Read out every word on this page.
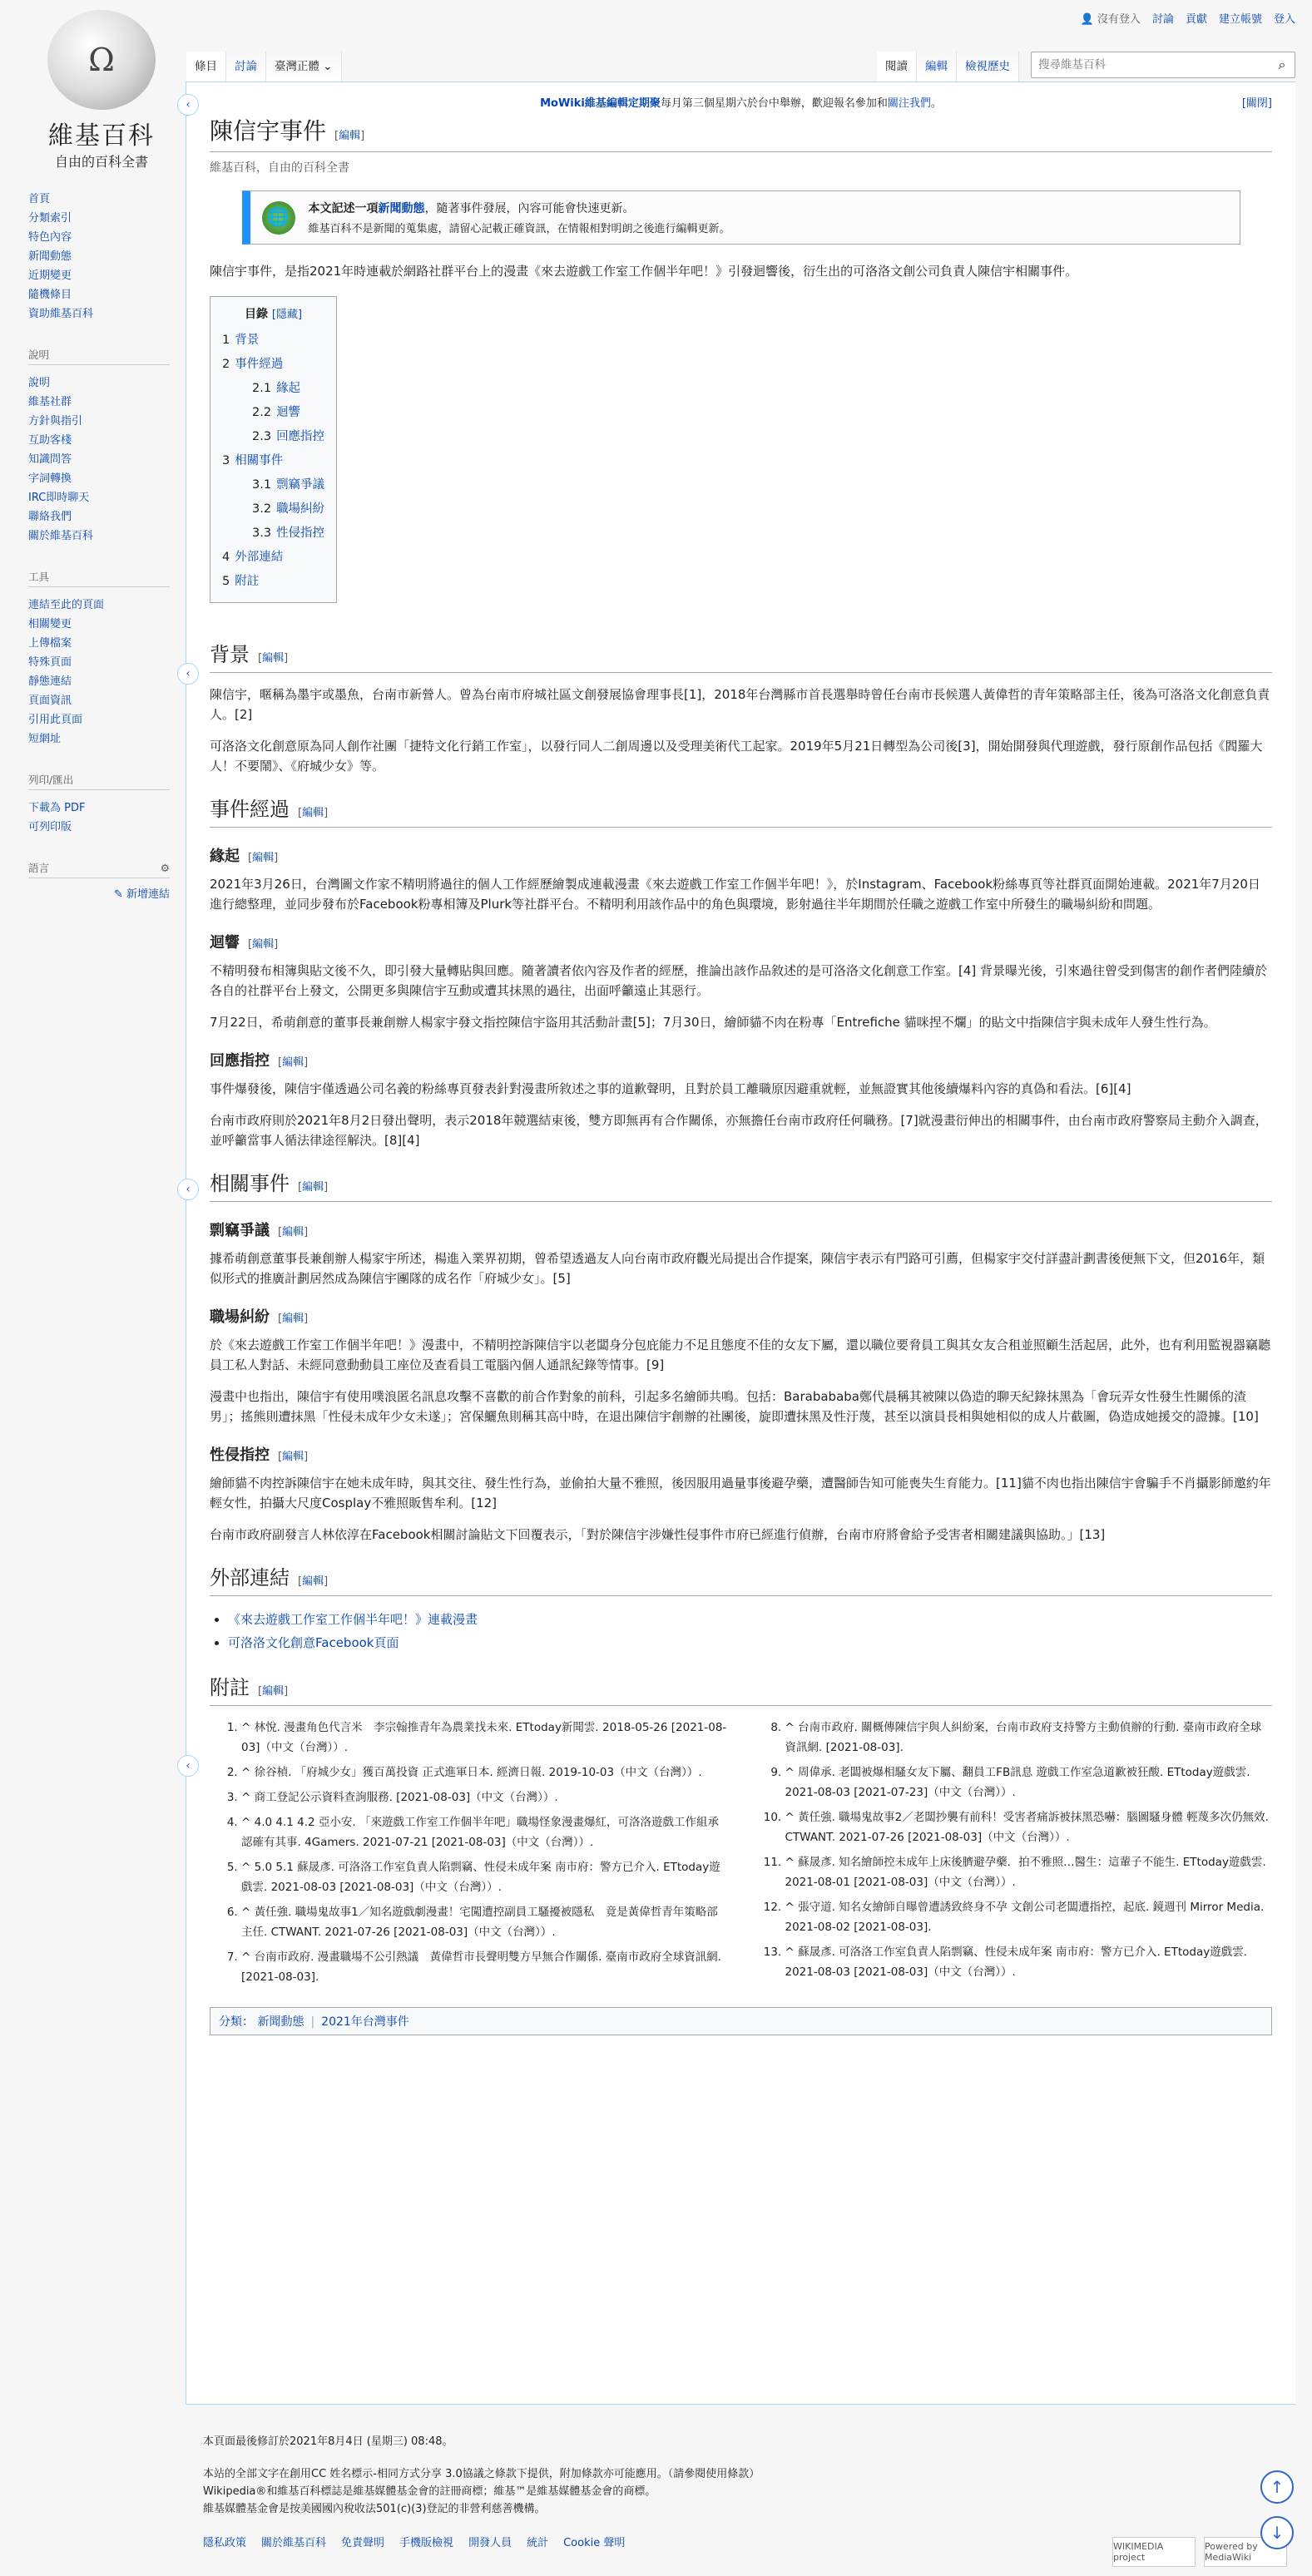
Ω
維基百科
自由的百科全書
👤 沒有登入 討論 貢獻 建立帳號 登入
條目	討論	臺灣正體 ⌄	閱讀	編輯	檢視歷史
搜尋維基百科	⌕
首頁
分類索引
特色內容
新聞動態
近期變更
隨機條目
資助維基百科
說明
說明
維基社群
方針與指引
互助客棧
知識問答
字詞轉換
IRC即時聊天
聯絡我們
關於維基百科
工具
連結至此的頁面
相關變更
上傳檔案
特殊頁面
靜態連結
頁面資訊
引用此頁面
短網址
列印/匯出
下載為 PDF
可列印版
語言	⚙
✎ 新增連結
MoWiki維基編輯定期聚每月第三個星期六於台中舉辦，歡迎報名參加和關注我們。	[關閉]
陳信宇事件 [ 編輯 ]
維基百科，自由的百科全書
🌐	本文記述一項新聞動態，隨著事件發展，內容可能會快速更新。
維基百科不是新聞的蒐集處，請留心記載正確資訊，在情報相對明朗之後進行編輯更新。

陳信宇事件，是指2021年時連載於網路社群平台上的漫畫《來去遊戲工作室工作個半年吧！》引發迴響後，衍生出的可洛洛文創公司負責人陳信宇相關事件。

目錄 [隱藏]
1 背景
2 事件經過
2.1 緣起
2.2 迴響
2.3 回應指控
3 相關事件
3.1 剽竊爭議
3.2 職場糾紛
3.3 性侵指控
4 外部連結
5 附註
背景 [ 編輯 ]

陳信宇，暱稱為墨宇或墨魚，台南市新營人。曾為台南市府城社區文創發展協會理事長[1]，2018年台灣縣市首長選舉時曾任台南市長候選人黃偉哲的青年策略部主任，後為可洛洛文化創意負責人。[2]

可洛洛文化創意原為同人創作社團「捷特文化行銷工作室」，以發行同人二創周邊以及受理美術代工起家。2019年5月21日轉型為公司後[3]，開始開發與代理遊戲，發行原創作品包括《閻羅大人！不要鬧》、《府城少女》等。

事件經過 [ 編輯 ]
緣起 [ 編輯 ]

2021年3月26日，台灣圖文作家不精明將過往的個人工作經歷繪製成連載漫畫《來去遊戲工作室工作個半年吧！》，於Instagram、Facebook粉絲專頁等社群頁面開始連載。2021年7月20日進行總整理，並同步發布於Facebook粉專相簿及Plurk等社群平台。不精明利用該作品中的角色與環境，影射過往半年期間於任職之遊戲工作室中所發生的職場糾紛和問題。

迴響 [ 編輯 ]

不精明發布相簿與貼文後不久，即引發大量轉貼與回應。隨著讀者依內容及作者的經歷，推論出該作品敘述的是可洛洛文化創意工作室。[4] 背景曝光後，引來過往曾受到傷害的創作者們陸續於各自的社群平台上發文，公開更多與陳信宇互動或遭其抹黑的過往，出面呼籲遠止其惡行。

7月22日，希萌創意的董事長兼創辦人楊家宇發文指控陳信宇盜用其活動計畫[5]；7月30日，繪師貓不肉在粉專「Entrefiche 貓咪捏不爛」的貼文中指陳信宇與未成年人發生性行為。

回應指控 [ 編輯 ]

事件爆發後，陳信宇僅透過公司名義的粉絲專頁發表針對漫畫所敘述之事的道歉聲明，且對於員工離職原因避重就輕，並無證實其他後續爆料內容的真偽和看法。[6][4]

台南市政府則於2021年8月2日發出聲明，表示2018年競選結束後，雙方即無再有合作關係，亦無擔任台南市政府任何職務。[7]就漫畫衍伸出的相關事件，由台南市政府警察局主動介入調查，並呼籲當事人循法律途徑解決。[8][4]

相關事件 [ 編輯 ]
剽竊爭議 [ 編輯 ]

據希萌創意董事長兼創辦人楊家宇所述，楊進入業界初期，曾希望透過友人向台南市政府觀光局提出合作提案，陳信宇表示有門路可引薦，但楊家宇交付詳盡計劃書後便無下文，但2016年，類似形式的推廣計劃居然成為陳信宇團隊的成名作「府城少女」。[5]

職場糾紛 [ 編輯 ]

於《來去遊戲工作室工作個半年吧！》漫畫中，不精明控訴陳信宇以老闆身分包庇能力不足且態度不佳的女友下屬，還以職位要脅員工與其女友合租並照顧生活起居，此外，也有利用監視器竊聽員工私人對話、未經同意動動員工座位及查看員工電腦內個人通訊紀錄等情事。[9]

漫畫中也指出，陳信宇有使用噗浪匿名訊息攻擊不喜歡的前合作對象的前科，引起多名繪師共鳴。包括：Barabababa鄭代晨稱其被陳以偽造的聊天紀錄抹黑為「會玩弄女性發生性關係的渣男」；搖熊則遭抹黑「性侵未成年少女未遂」；宮保鱺魚則稱其高中時，在退出陳信宇創辦的社團後，旋即遭抹黑及性汙蔑，甚至以演員長相與她相似的成人片截圖，偽造成她援交的證據。[10]

性侵指控 [ 編輯 ]

繪師貓不肉控訴陳信宇在她未成年時，與其交往、發生性行為，並偷拍大量不雅照，後因服用過量事後避孕藥，遭醫師告知可能喪失生育能力。[11]貓不肉也指出陳信宇會騙手不肖攝影師邀約年輕女性，拍攝大尺度Cosplay不雅照販售牟利。[12]

台南市政府副發言人林依淳在Facebook相關討論貼文下回覆表示，「對於陳信宇涉嫌性侵事件市府已經進行偵辦，台南市府將會給予受害者相關建議與協助。」[13]

外部連結 [ 編輯 ]
• 《來去遊戲工作室工作個半年吧！》連載漫畫
• 可洛洛文化創意Facebook頁面
附註 [ 編輯 ]
1. ^ 林悅. 漫畫角色代言米　李宗翰推青年為農業找未來. ETtoday新聞雲. 2018-05-26 [2021-08-03]（中文（台灣））.
2. ^ 徐谷楨. 「府城少女」獲百萬投資 正式進軍日本. 經濟日報. 2019-10-03（中文（台灣））.
3. ^ 商工登記公示資料查詢服務. [2021-08-03]（中文（台灣））.
4. ^ 4.0 4.1 4.2 亞小安. 「來遊戲工作室工作個半年吧」職場怪象漫畫爆紅，可洛洛遊戲工作組承認確有其事. 4Gamers. 2021-07-21 [2021-08-03]（中文（台灣））.
5. ^ 5.0 5.1 蘇晟彥. 可洛洛工作室負責人陷剽竊、性侵未成年案 南市府：警方已介入. ETtoday遊戲雲. 2021-08-03 [2021-08-03]（中文（台灣））.
6. ^ 黃任強. 職場鬼故事1／知名遊戲劇漫畫！宅闖遭控副員工騷擾被隱私　竟是黃偉哲青年策略部主任. CTWANT. 2021-07-26 [2021-08-03]（中文（台灣））.
7. ^ 台南市政府. 漫畫職場不公引熱議　黃偉哲市長聲明雙方早無合作關係. 臺南市政府全球資訊網. [2021-08-03].
8. ^ 台南市政府. 關概傳陳信宇與人糾紛案，台南市政府支持警方主動偵辦的行動. 臺南市政府全球資訊網. [2021-08-03].
9. ^ 周偉承. 老闆被爆相騷女友下屬、翻員工FB訊息 遊戲工作室急道歉被狂酸. ETtoday遊戲雲. 2021-08-03 [2021-07-23]（中文（台灣））.
10. ^ 黃任強. 職場鬼故事2／老闆抄襲有前科！受害者痛訴被抹黑恐嚇：腦圖騷身體 輕蔑多次仍無效. CTWANT. 2021-07-26 [2021-08-03]（中文（台灣））.
11. ^ 蘇晟彥. 知名繪師控未成年上床後臍避孕藥．拍不雅照…醫生：這輩子不能生. ETtoday遊戲雲. 2021-08-01 [2021-08-03]（中文（台灣））.
12. ^ 張守道. 知名女繪師自曝曾遭誘致終身不孕 文創公司老闆遭指控，起底. 鏡週刊 Mirror Media. 2021-08-02 [2021-08-03].
13. ^ 蘇晟彥. 可洛洛工作室負責人陷剽竊、性侵未成年案 南市府：警方已介入. ETtoday遊戲雲. 2021-08-03 [2021-08-03]（中文（台灣））.
分類： 新聞動態 | 2021年台灣事件
本頁面最後修訂於2021年8月4日 (星期三) 08:48。
本站的全部文字在創用CC 姓名標示-相同方式分享 3.0協議之條款下提供，附加條款亦可能應用。（請參閱使用條款）
Wikipedia®和維基百科標誌是維基媒體基金會的註冊商標；維基™是維基媒體基金會的商標。
維基媒體基金會是按美國國內稅收法501(c)(3)登記的非營利慈善機構。
隱私政策 關於維基百科 免責聲明 手機版檢視 開發人員 統計 Cookie 聲明	WIKIMEDIA project
Powered by MediaWiki
‹
‹
‹
‹
↑
↓
